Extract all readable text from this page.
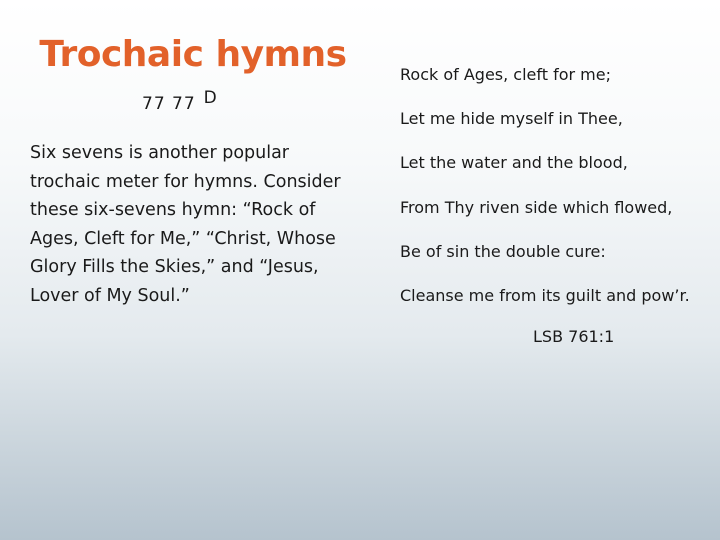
Trochaic hymns
77 77 D

Six sevens is another popular trochaic meter for hymns. Consider these six-sevens hymn: “Rock of Ages, Cleft for Me,” “Christ, Whose Glory Fills the Skies,” and “Jesus, Lover of My Soul.”

Rock of Ages, cleft for me;
Let me hide myself in Thee,
Let the water and the blood,
From Thy riven side which flowed,
Be of sin the double cure:
Cleanse me from its guilt and pow’r.
LSB 761:1
